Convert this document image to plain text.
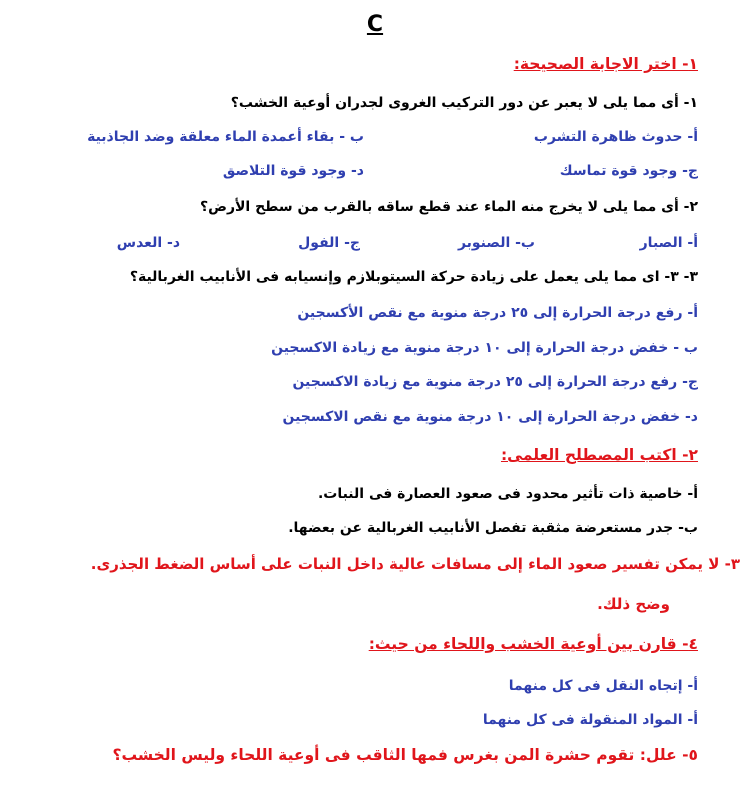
C
١- اختر الاجابة الصحيحة:
١- أى مما يلى لا يعبر عن دور التركيب الغروى لجدران أوعية الخشب؟
أ- حدوث ظاهرة التشرب
ب - بقاء أعمدة الماء معلقة وضد الجاذبية
ج- وجود قوة تماسك
د- وجود قوة التلاصق
٢- أى مما يلى لا يخرج منه الماء عند قطع ساقه بالقرب من سطح الأرض؟
أ- الصبار
ب- الصنوبر
ج- الفول
د- العدس
٣- ٣- اى مما يلى يعمل على زيادة حركة السيتوبلازم وإنسيابه فى الأنابيب الغربالية؟
أ- رفع درجة الحرارة إلى ٢٥ درجة منوية مع نقص الأكسجين
ب - خفض درجة الحرارة إلى ١٠ درجة منوية مع زيادة الاكسجين
ج- رفع درجة الحرارة إلى ٢٥ درجة منوية مع زيادة الاكسجين
د- خفض درجة الحرارة إلى ١٠ درجة منوية مع نقص الاكسجين
٢- اكتب المصطلح العلمى:
أ- خاصية ذات تأثير محدود فى صعود العصارة فى النبات.
ب- جدر مستعرضة مثقبة تفصل الأنابيب الغربالية عن بعضها.
٣- لا يمكن تفسير صعود الماء إلى مسافات عالية داخل النبات على أساس الضغط الجذرى.
وضح ذلك.
٤- قارن بين أوعية الخشب واللحاء من حيث:
أ- إتجاه النقل فى كل منهما
أ- المواد المنقولة فى كل منهما
٥- علل: تقوم حشرة المن بغرس فمها الثاقب فى أوعية اللحاء وليس الخشب؟
